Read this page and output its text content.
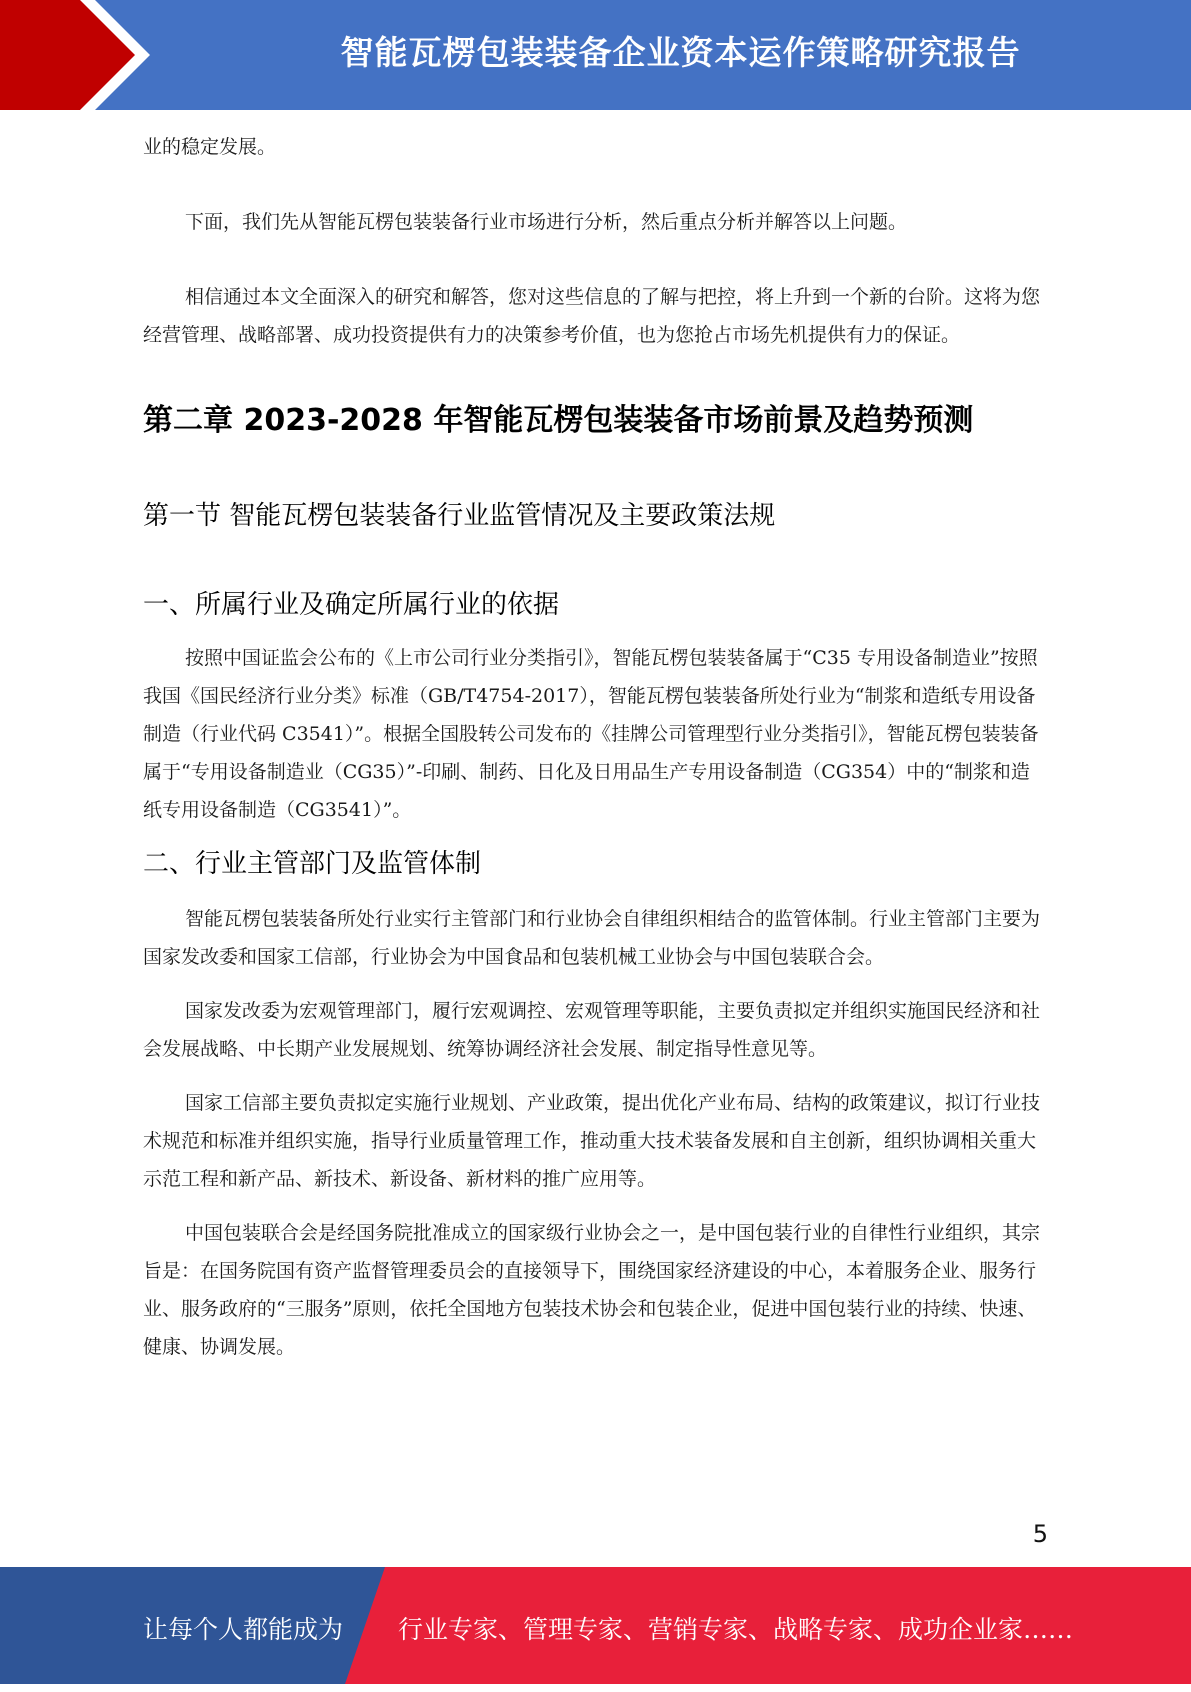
智能瓦楞包装装备企业资本运作策略研究报告

业的稳定发展。

下面，我们先从智能瓦楞包装装备行业市场进行分析，然后重点分析并解答以上问题。

相信通过本文全面深入的研究和解答，您对这些信息的了解与把控，将上升到一个新的台阶。这将为您经营管理、战略部署、成功投资提供有力的决策参考价值，也为您抢占市场先机提供有力的保证。

第二章 2023-2028 年智能瓦楞包装装备市场前景及趋势预测
第一节 智能瓦楞包装装备行业监管情况及主要政策法规
一、所属行业及确定所属行业的依据

按照中国证监会公布的《上市公司行业分类指引》，智能瓦楞包装装备属于“C35 专用设备制造业”按照我国《国民经济行业分类》标准（GB/T4754-2017），智能瓦楞包装装备所处行业为“制浆和造纸专用设备制造（行业代码 C3541）”。根据全国股转公司发布的《挂牌公司管理型行业分类指引》，智能瓦楞包装装备属于“专用设备制造业（CG35）”-印刷、制药、日化及日用品生产专用设备制造（CG354）中的“制浆和造纸专用设备制造（CG3541）”。

二、行业主管部门及监管体制

智能瓦楞包装装备所处行业实行主管部门和行业协会自律组织相结合的监管体制。行业主管部门主要为国家发改委和国家工信部，行业协会为中国食品和包装机械工业协会与中国包装联合会。

国家发改委为宏观管理部门，履行宏观调控、宏观管理等职能，主要负责拟定并组织实施国民经济和社会发展战略、中长期产业发展规划、统筹协调经济社会发展、制定指导性意见等。

国家工信部主要负责拟定实施行业规划、产业政策，提出优化产业布局、结构的政策建议，拟订行业技术规范和标准并组织实施，指导行业质量管理工作，推动重大技术装备发展和自主创新，组织协调相关重大示范工程和新产品、新技术、新设备、新材料的推广应用等。

中国包装联合会是经国务院批准成立的国家级行业协会之一，是中国包装行业的自律性行业组织，其宗旨是：在国务院国有资产监督管理委员会的直接领导下，围绕国家经济建设的中心，本着服务企业、服务行业、服务政府的“三服务”原则，依托全国地方包装技术协会和包装企业，促进中国包装行业的持续、快速、健康、协调发展。

5
让每个人都能成为 行业专家、管理专家、营销专家、战略专家、成功企业家……
